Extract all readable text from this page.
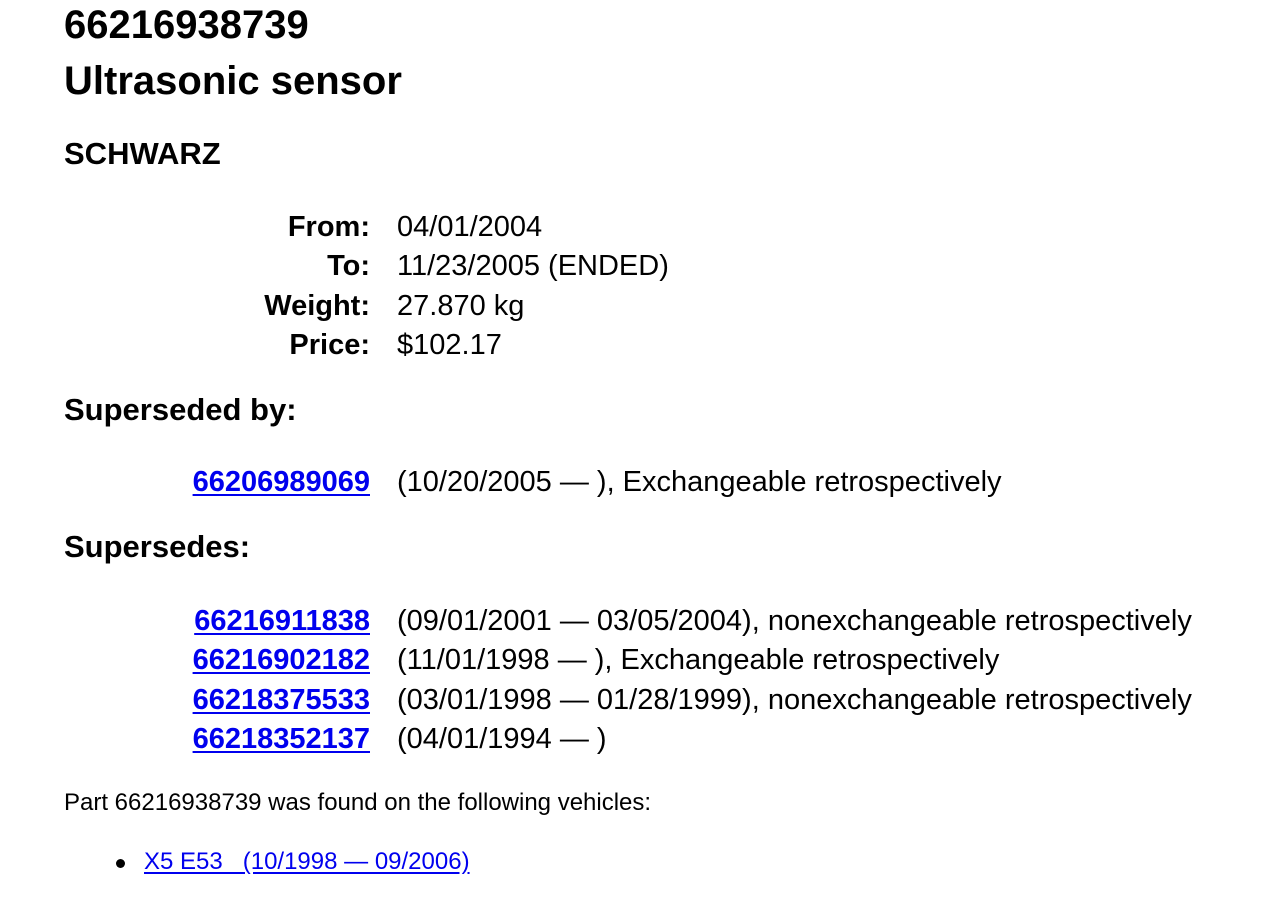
66216938739
Ultrasonic sensor
SCHWARZ
From:	04/01/2004
To:	11/23/2005 (ENDED)
Weight:	27.870 kg
Price:	$102.17
Superseded by:
66206989069	(10/20/2005 — ), Exchangeable retrospectively
Supersedes:
66216911838	(09/01/2001 — 03/05/2004), nonexchangeable retrospectively
66216902182	(11/01/1998 — ), Exchangeable retrospectively
66218375533	(03/01/1998 — 01/28/1999), nonexchangeable retrospectively
66218352137	(04/01/1994 — )

Part 66216938739 was found on the following vehicles:

X5 E53   (10/1998 — 09/2006)
